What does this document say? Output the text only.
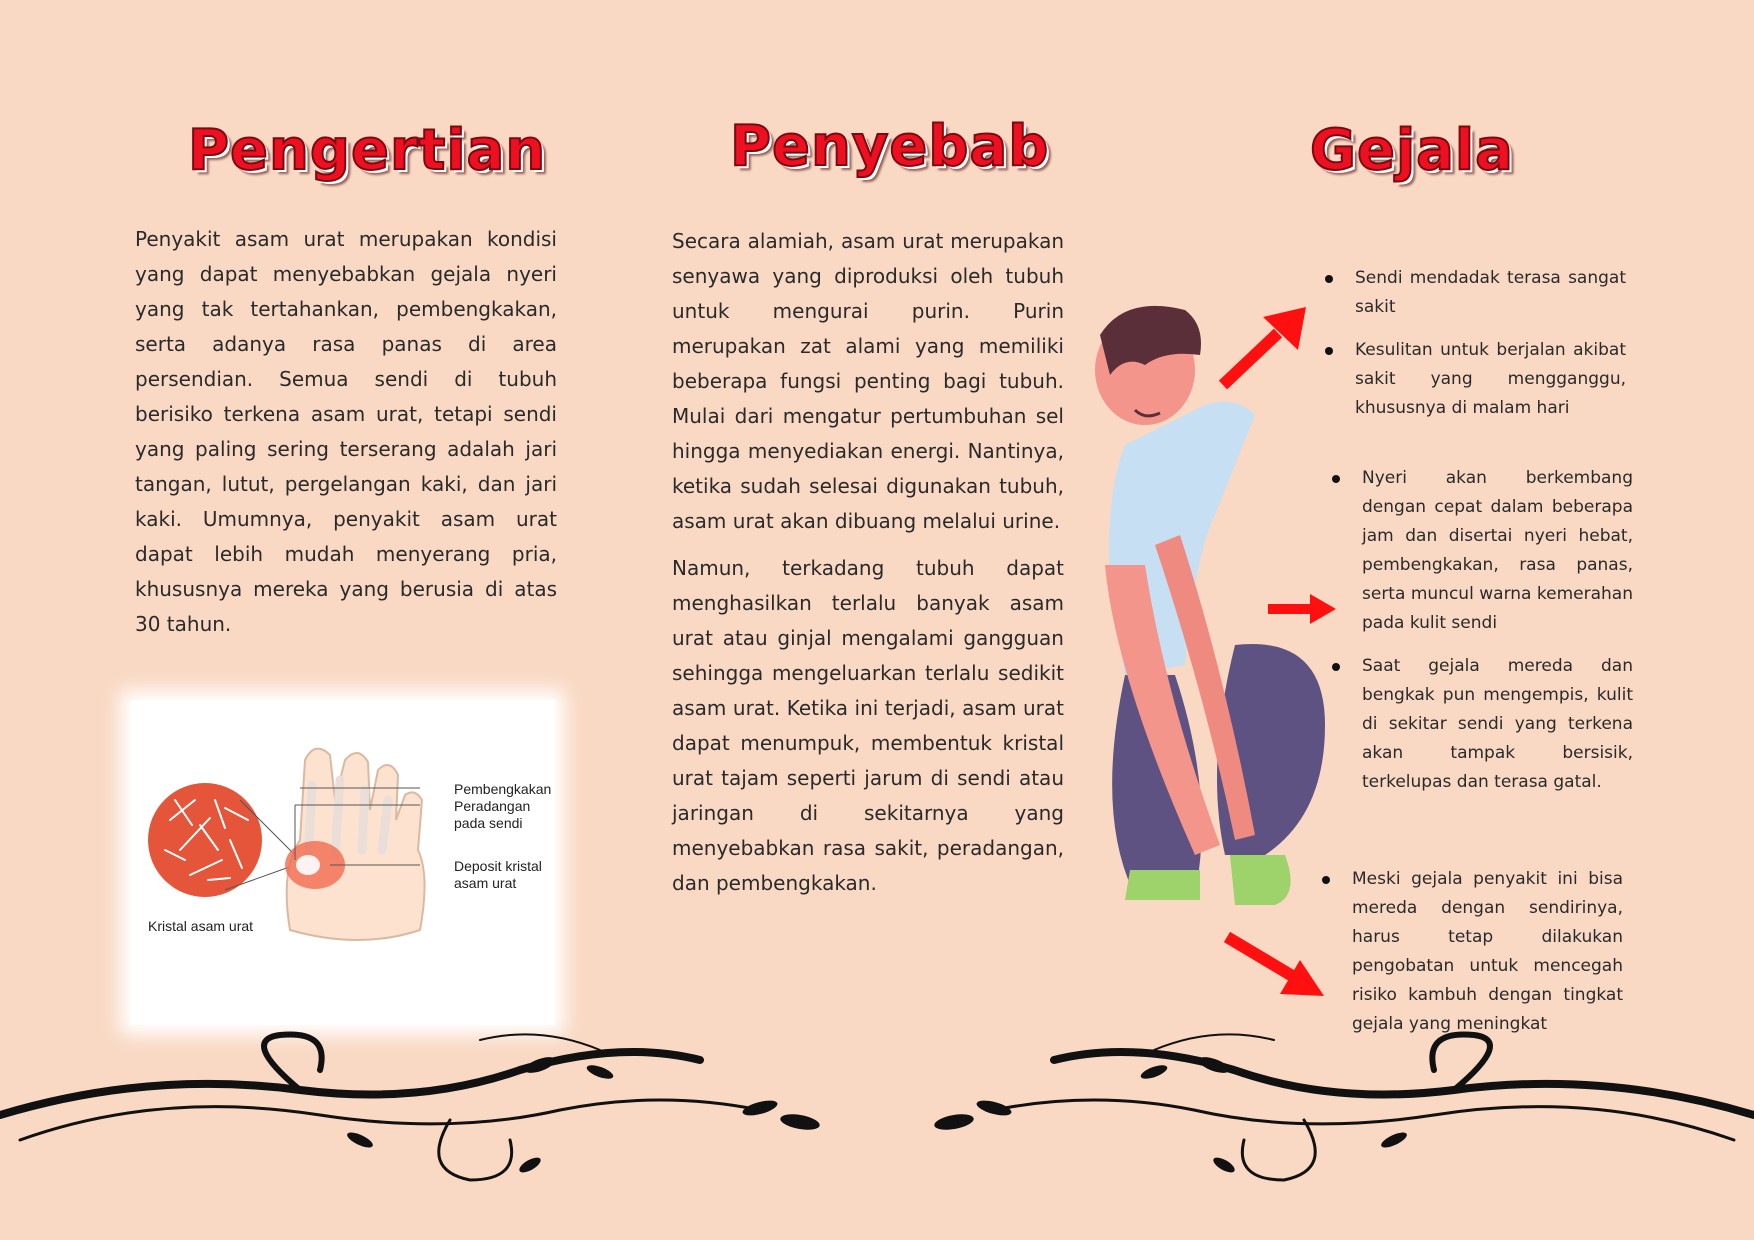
Pengertian	Penyebab	Gejala

Penyakit asam urat merupakan kondisi yang dapat menyebabkan gejala nyeri yang tak tertahankan, pembengkakan, serta adanya rasa panas di area persendian. Semua sendi di tubuh berisiko terkena asam urat, tetapi sendi yang paling sering terserang adalah jari tangan, lutut, pergelangan kaki, dan jari kaki. Umumnya, penyakit asam urat dapat lebih mudah menyerang pria, khususnya mereka yang berusia di atas 30 tahun.

Pembengkakan
Peradangan
pada sendi
Deposit kristal
asam urat
Kristal asam urat

Secara alamiah, asam urat merupakan senyawa yang diproduksi oleh tubuh untuk mengurai purin. Purin merupakan zat alami yang memiliki beberapa fungsi penting bagi tubuh. Mulai dari mengatur pertumbuhan sel hingga menyediakan energi. Nantinya, ketika sudah selesai digunakan tubuh, asam urat akan dibuang melalui urine.

Namun, terkadang tubuh dapat menghasilkan terlalu banyak asam urat atau ginjal mengalami gangguan sehingga mengeluarkan terlalu sedikit asam urat. Ketika ini terjadi, asam urat dapat menumpuk, membentuk kristal urat tajam seperti jarum di sendi atau jaringan di sekitarnya yang menyebabkan rasa sakit, peradangan, dan pembengkakan.

Sendi mendadak terasa sangat sakit
Kesulitan untuk berjalan akibat sakit yang mengganggu, khususnya di malam hari
Nyeri akan berkembang dengan cepat dalam beberapa jam dan disertai nyeri hebat, pembengkakan, rasa panas, serta muncul warna kemerahan pada kulit sendi
Saat gejala mereda dan bengkak pun mengempis, kulit di sekitar sendi yang terkena akan tampak bersisik, terkelupas dan terasa gatal.
Meski gejala penyakit ini bisa mereda dengan sendirinya, harus tetap dilakukan pengobatan untuk mencegah risiko kambuh dengan tingkat gejala yang meningkat
